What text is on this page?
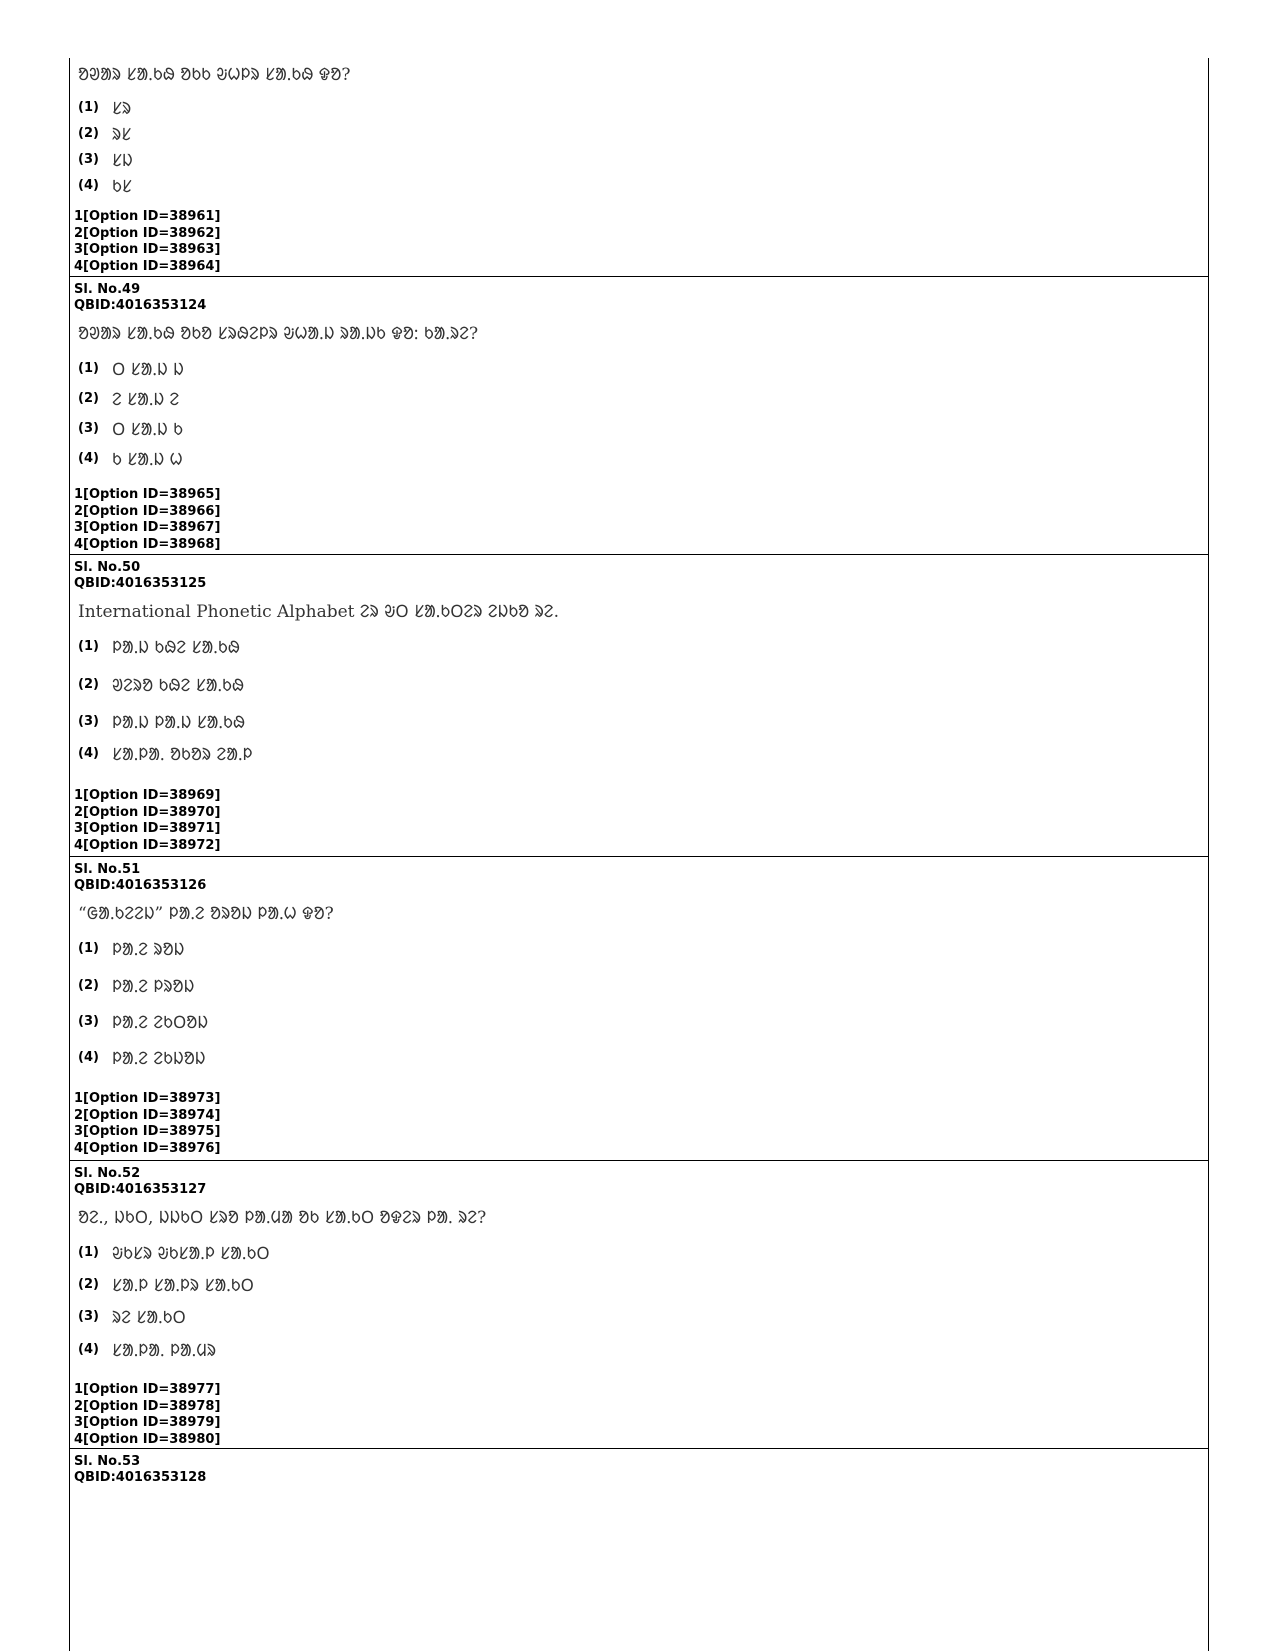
ᱚᱣᱟᱨ ᱥᱟᱹᱠᱷ ᱚᱠᱠ ᱶᱦᱞᱨ ᱥᱟᱹᱠᱷ ᱫᱚ?
(1) ᱥᱨ
(2) ᱨᱥ
(3) ᱥᱡ
(4) ᱠᱥ
1[Option ID=38961]
2[Option ID=38962]
3[Option ID=38963]
4[Option ID=38964]
Sl. No.49
QBID:4016353124
ᱚᱣᱟᱨ ᱥᱟᱹᱠᱷ ᱚᱠᱚ ᱥᱨᱷᱮᱞᱨ ᱶᱦᱟᱹᱡ ᱨᱟᱹᱡᱠ ᱫᱚᱺ ᱠᱟᱹᱨᱮ?
(1) ᱛ ᱥᱟᱹᱡ ᱡ
(2) ᱮ ᱥᱟᱹᱡ ᱮ
(3) ᱛ ᱥᱟᱹᱡ ᱠ
(4) ᱠ ᱥᱟᱹᱡ ᱦ
1[Option ID=38965]
2[Option ID=38966]
3[Option ID=38967]
4[Option ID=38968]
Sl. No.50
QBID:4016353125
International Phonetic Alphabet ᱮᱨ ᱶᱛ ᱥᱟᱹᱠᱛᱮᱨ ᱮᱡᱠᱚ ᱨᱮ.
(1) ᱞᱟᱹᱡ ᱠᱷᱮ ᱥᱟᱹᱠᱷ
(2) ᱣᱮᱨᱚ ᱠᱷᱮ ᱥᱟᱹᱠᱷ
(3) ᱞᱟᱹᱡ ᱞᱟᱹᱡ ᱥᱟᱹᱠᱷ
(4) ᱥᱟᱹᱞᱟᱹ ᱚᱠᱚᱨ ᱮᱟᱹᱞ
1[Option ID=38969]
2[Option ID=38970]
3[Option ID=38971]
4[Option ID=38972]
Sl. No.51
QBID:4016353126
“ᱜᱟᱹᱠᱮᱮᱡ” ᱞᱟᱹᱮ ᱚᱨᱚᱡ ᱞᱟᱹᱦ ᱫᱚ?
(1) ᱞᱟᱹᱮ ᱨᱚᱡ
(2) ᱞᱟᱹᱮ ᱞᱨᱚᱡ
(3) ᱞᱟᱹᱮ ᱮᱠᱛᱚᱡ
(4) ᱞᱟᱹᱮ ᱮᱠᱡᱚᱡ
1[Option ID=38973]
2[Option ID=38974]
3[Option ID=38975]
4[Option ID=38976]
Sl. No.52
QBID:4016353127
ᱚᱮᱹ, ᱡᱠᱛ, ᱡᱡᱠᱛ ᱥᱨᱚ ᱞᱟᱹᱢᱟ ᱚᱠ ᱥᱟᱹᱠᱛ ᱚᱫᱮᱨ ᱞᱟᱹ ᱨᱮ?
(1) ᱶᱠᱥᱨ ᱶᱠᱥᱟᱹᱞ ᱥᱟᱹᱠᱛ
(2) ᱥᱟᱹᱞ ᱥᱟᱹᱞᱨ ᱥᱟᱹᱠᱛ
(3) ᱨᱮ ᱥᱟᱹᱠᱛ
(4) ᱥᱟᱹᱞᱟᱹ ᱞᱟᱹᱢᱨ
1[Option ID=38977]
2[Option ID=38978]
3[Option ID=38979]
4[Option ID=38980]
Sl. No.53
QBID:4016353128
